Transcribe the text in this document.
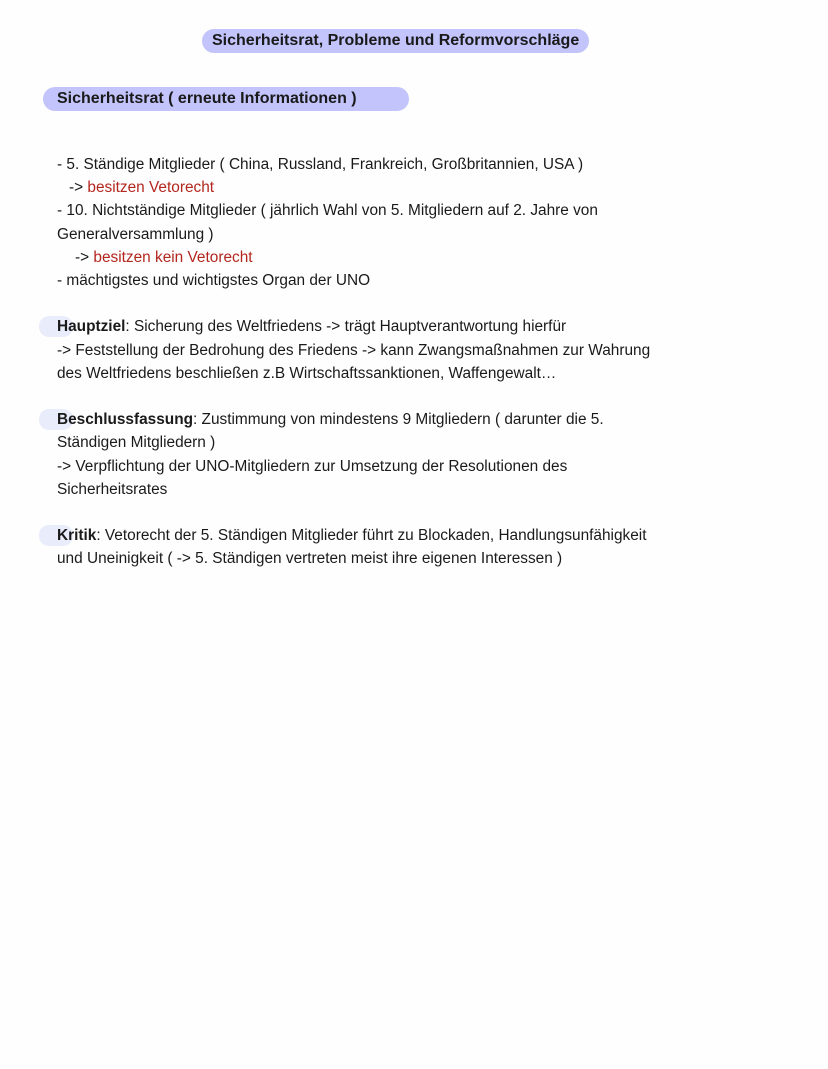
Sicherheitsrat, Probleme und Reformvorschläge
Sicherheitsrat ( erneute Informationen )
- 5. Ständige Mitglieder ( China, Russland, Frankreich, Großbritannien, USA )
-> besitzen Vetorecht
- 10. Nichtständige Mitglieder ( jährlich Wahl von 5. Mitgliedern auf 2. Jahre von
Generalversammlung )
-> besitzen kein Vetorecht
- mächtigstes und wichtigstes Organ der UNO
Hauptziel: Sicherung des Weltfriedens -> trägt Hauptverantwortung hierfür
-> Feststellung der Bedrohung des Friedens -> kann Zwangsmaßnahmen zur Wahrung
des Weltfriedens beschließen z.B Wirtschaftssanktionen, Waffengewalt…
Beschlussfassung: Zustimmung von mindestens 9 Mitgliedern ( darunter die 5.
Ständigen Mitgliedern )
-> Verpflichtung der UNO-Mitgliedern zur Umsetzung der Resolutionen des
Sicherheitsrates
Kritik: Vetorecht der 5. Ständigen Mitglieder führt zu Blockaden, Handlungsunfähigkeit
und Uneinigkeit ( -> 5. Ständigen vertreten meist ihre eigenen Interessen )
